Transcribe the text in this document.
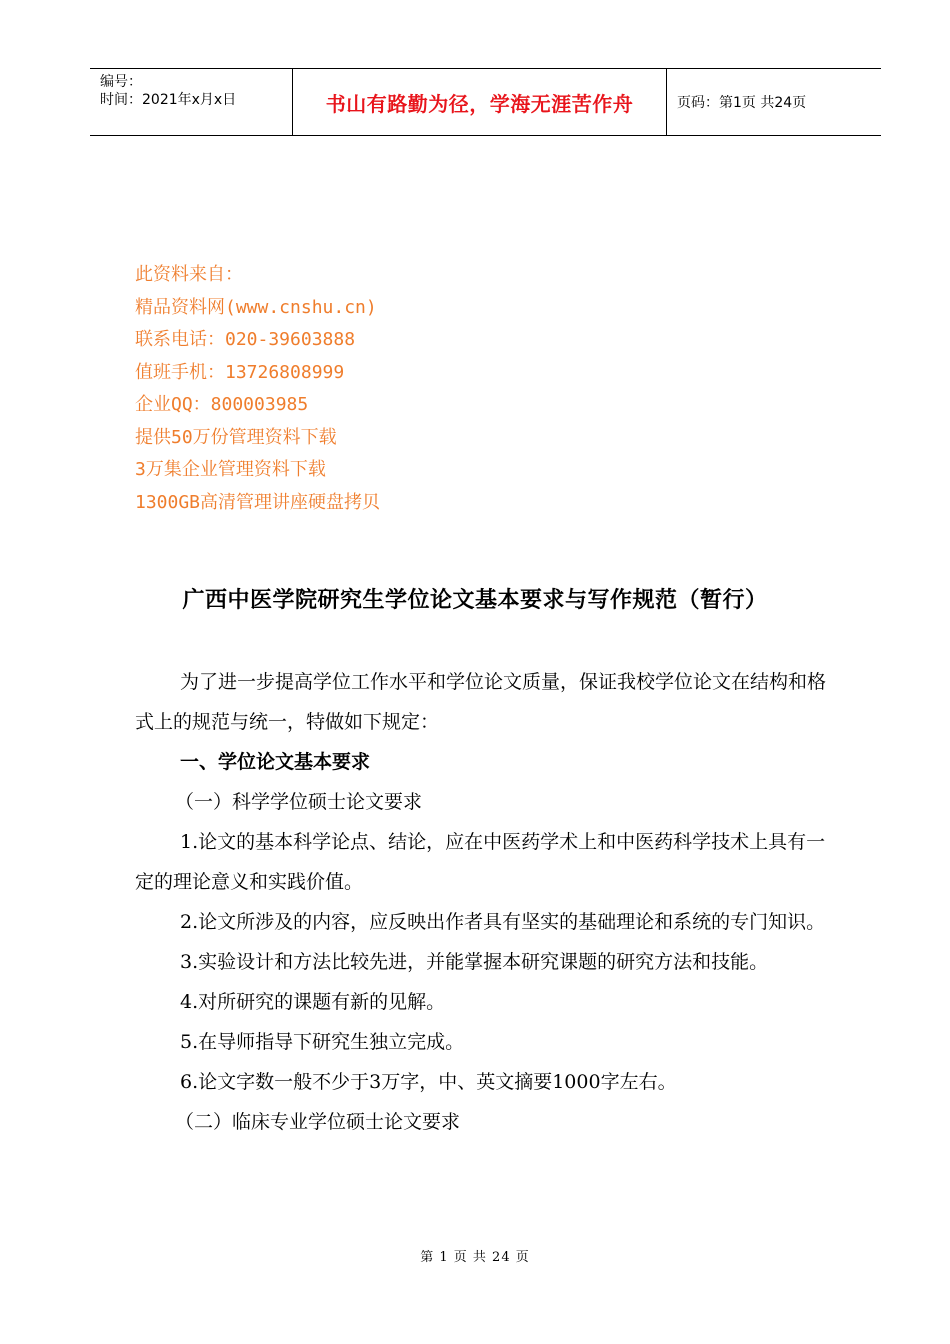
编号：
时间：2021年x月x日	书山有路勤为径，学海无涯苦作舟	页码：第1页 共24页
此资料来自：
精品资料网(www.cnshu.cn)
联系电话：020-39603888
值班手机：13726808999
企业QQ：800003985
提供50万份管理资料下载
3万集企业管理资料下载
1300GB高清管理讲座硬盘拷贝
广西中医学院研究生学位论文基本要求与写作规范（暂行）
为了进一步提高学位工作水平和学位论文质量，保证我校学位论文在结构和格式上的规范与统一，特做如下规定：
一、学位论文基本要求
（一）科学学位硕士论文要求
1.论文的基本科学论点、结论，应在中医药学术上和中医药科学技术上具有一定的理论意义和实践价值。
2.论文所涉及的内容，应反映出作者具有坚实的基础理论和系统的专门知识。
3.实验设计和方法比较先进，并能掌握本研究课题的研究方法和技能。
4.对所研究的课题有新的见解。
5.在导师指导下研究生独立完成。
6.论文字数一般不少于3万字，中、英文摘要1000字左右。
（二）临床专业学位硕士论文要求
第 1 页 共 24 页
